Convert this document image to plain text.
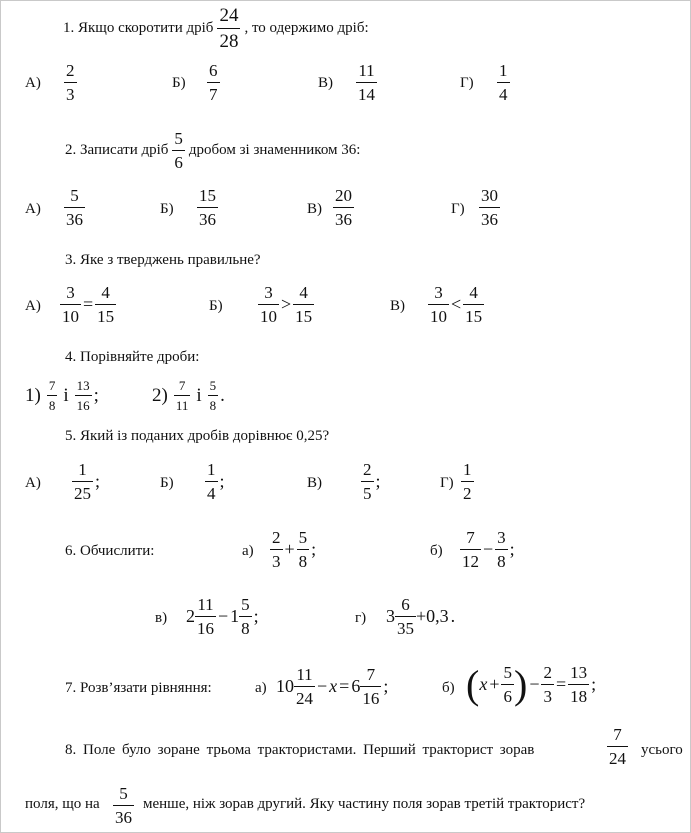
1. Якщо скоротити дріб $\frac{24}{28}$ , то одержимо дріб:
$А) \frac{2}{3}$	$Б) \frac{6}{7}$	$В) \frac{11}{14}$	$Г) \frac{1}{4}$
2. Записати дріб $\frac{5}{6}$ дробом зі знаменником 36:
$А) \frac{5}{36}$	$Б) \frac{15}{36}$	$В) \frac{20}{36}$	$Г) \frac{30}{36}$
3. Яке з тверджень правильне?
$А) \frac{3}{10} = \frac{4}{15}$	$Б) \frac{3}{10} > \frac{4}{15}$	$В) \frac{3}{10} < \frac{4}{15}$
4. Порівняйте дроби:
$1) \frac{7}{8}$ і $\frac{13}{16}$ ;	$2) \frac{7}{11}$ і $\frac{5}{8}$ .
5. Який із поданих дробів дорівнює 0,25?
$А) \frac{1}{25}$ ;	$Б) \frac{1}{4}$ ;	$В) \frac{2}{5}$ ;	$Г) \frac{1}{2}$
6. Обчислити:	$а) \frac{2}{3} + \frac{5}{8}$ ;	$б) \frac{7}{12} - \frac{3}{8}$ ;
в) $2 \frac{11}{16} - 1 \frac{5}{8}$ ;	г) $3 \frac{6}{35} +0,3$ .
7. Розв’язати рівняння:	а) $10 \frac{11}{24} - x = 6 \frac{7}{16}$ ;	б) ( $x + \frac{5}{6}$ ) − $\frac{2}{3} = \frac{13}{18}$ ;
8. Поле було зоране трьома трактористами. Перший тракторист зорав	$\frac{7}{24}$ усього
поля, що на $\frac{5}{36}$ менше, ніж зорав другий. Яку частину поля зорав третій тракторист?
